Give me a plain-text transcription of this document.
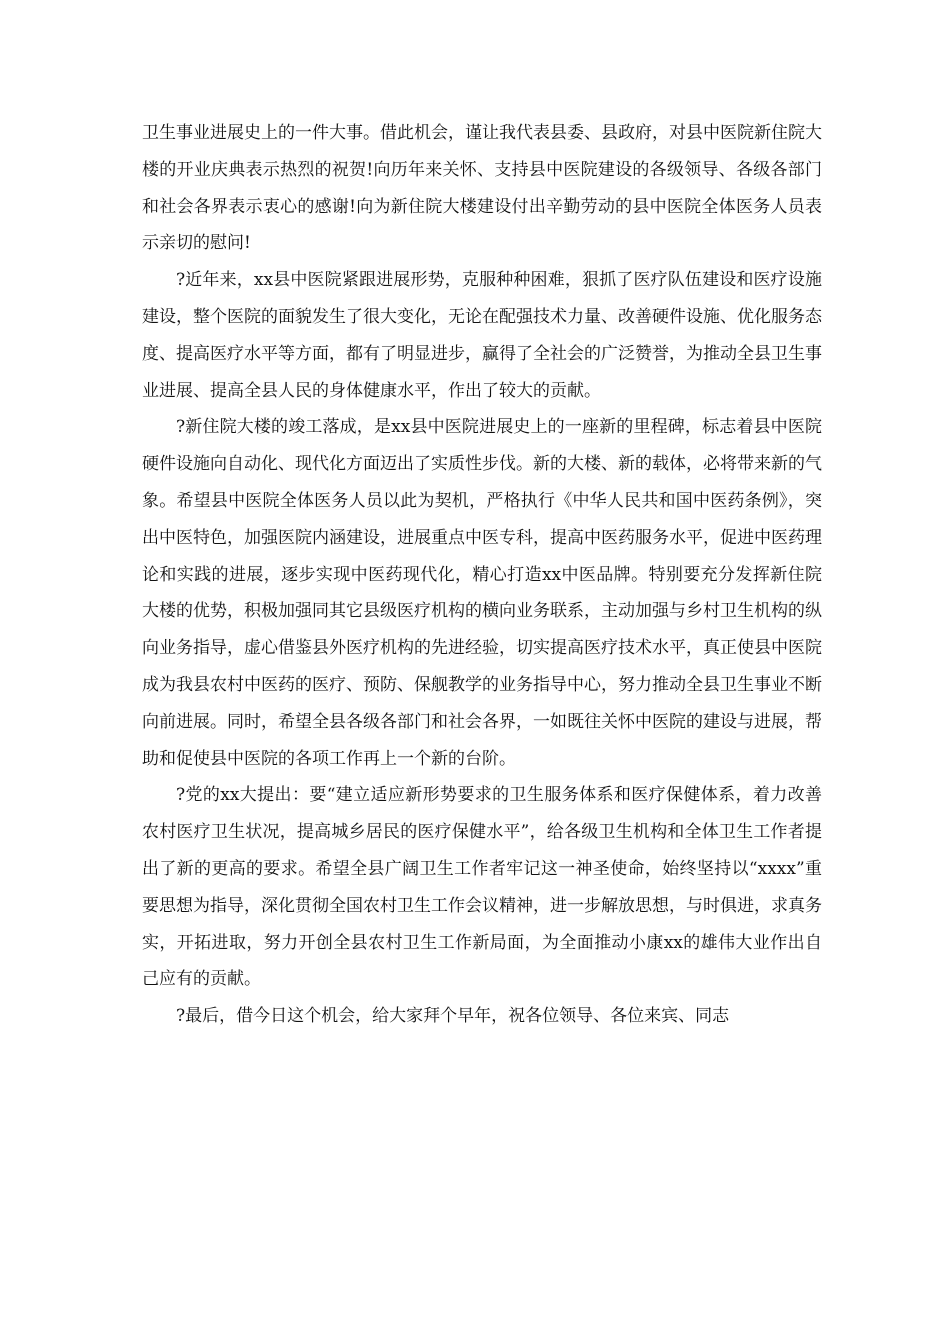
卫生事业进展史上的一件大事。借此机会，谨让我代表县委、县政府，对县中医院新住院大楼的开业庆典表示热烈的祝贺!向历年来关怀、支持县中医院建设的各级领导、各级各部门和社会各界表示衷心的感谢!向为新住院大楼建设付出辛勤劳动的县中医院全体医务人员表示亲切的慰问!

?近年来，xx县中医院紧跟进展形势，克服种种困难，狠抓了医疗队伍建设和医疗设施建设，整个医院的面貌发生了很大变化，无论在配强技术力量、改善硬件设施、优化服务态度、提高医疗水平等方面，都有了明显进步，赢得了全社会的广泛赞誉，为推动全县卫生事业进展、提高全县人民的身体健康水平，作出了较大的贡献。

?新住院大楼的竣工落成，是xx县中医院进展史上的一座新的里程碑，标志着县中医院硬件设施向自动化、现代化方面迈出了实质性步伐。新的大楼、新的载体，必将带来新的气象。希望县中医院全体医务人员以此为契机，严格执行《中华人民共和国中医药条例》，突出中医特色，加强医院内涵建设，进展重点中医专科，提高中医药服务水平，促进中医药理论和实践的进展，逐步实现中医药现代化，精心打造xx中医品牌。特别要充分发挥新住院大楼的优势，积极加强同其它县级医疗机构的横向业务联系，主动加强与乡村卫生机构的纵向业务指导，虚心借鉴县外医疗机构的先进经验，切实提高医疗技术水平，真正使县中医院成为我县农村中医药的医疗、预防、保舰教学的业务指导中心，努力推动全县卫生事业不断向前进展。同时，希望全县各级各部门和社会各界，一如既往关怀中医院的建设与进展，帮助和促使县中医院的各项工作再上一个新的台阶。

?党的xx大提出：要“建立适应新形势要求的卫生服务体系和医疗保健体系，着力改善农村医疗卫生状况，提高城乡居民的医疗保健水平”，给各级卫生机构和全体卫生工作者提出了新的更高的要求。希望全县广阔卫生工作者牢记这一神圣使命，始终坚持以“xxxx”重要思想为指导，深化贯彻全国农村卫生工作会议精神，进一步解放思想，与时俱进，求真务实，开拓进取，努力开创全县农村卫生工作新局面，为全面推动小康xx的雄伟大业作出自己应有的贡献。

?最后，借今日这个机会，给大家拜个早年，祝各位领导、各位来宾、同志
